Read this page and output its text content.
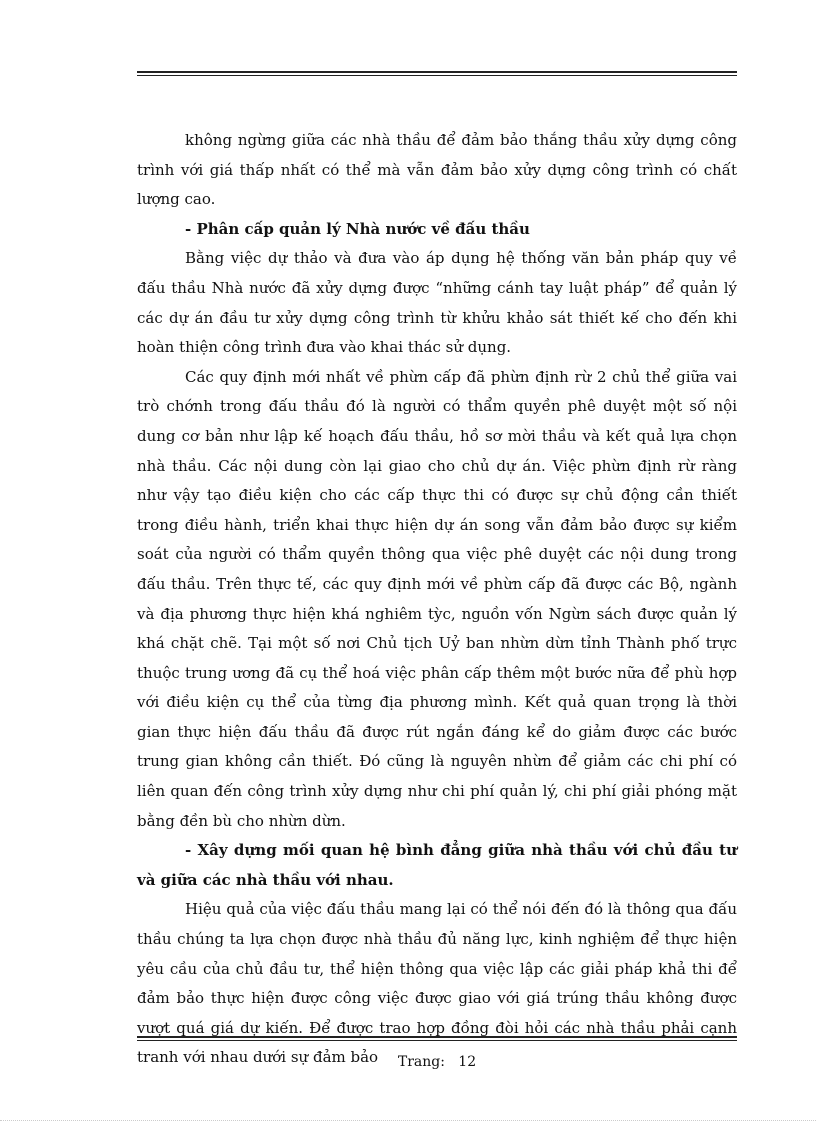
không ngừng giữa các nhà thầu để đảm bảo thắng thầu xửy dựng công trình với giá thấp nhất có thể mà vẫn đảm bảo xửy dựng công trình có chất lượng cao.

- Phân cấp quản lý Nhà nước về đấu thầu

Bằng việc dự thảo và đưa vào áp dụng hệ thống văn bản pháp quy về đấu thầu Nhà nước đã xửy dựng được “những cánh tay luật pháp” để quản lý các dự án đầu tư xửy dựng công trình từ khửu khảo sát thiết kế cho đến khi hoàn thiện công trình đưa vào khai thác sử dụng.

Các quy định mới nhất về phừn cấp đã phừn định rừ 2 chủ thể giữa vai trò chớnh trong đấu thầu đó là người có thẩm quyền phê duyệt một số nội dung cơ bản như lập kế hoạch đấu thầu, hồ sơ mời thầu và kết quả lựa chọn nhà thầu. Các nội dung còn lại giao cho chủ dự án. Việc phừn định rừ ràng như vậy tạo điều kiện cho các cấp thực thi có được sự chủ động cần thiết trong điều hành, triển khai thực hiện dự án song vẫn đảm bảo được sự kiểm soát của người có thẩm quyền thông qua việc phê duyệt các nội dung trong đấu thầu. Trên thực tế, các quy định mới về phừn cấp đã được các Bộ, ngành và địa phương thực hiện khá nghiêm tỳc, nguồn vốn Ngừn sách được quản lý khá chặt chẽ. Tại một số nơi Chủ tịch Uỷ ban nhừn dừn tỉnh Thành phố trực thuộc trung ương đã cụ thể hoá việc phân cấp thêm một bước nữa để phù hợp với điều kiện cụ thể của từng địa phương mình. Kết quả quan trọng là thời gian thực hiện đấu thầu đã được rút ngắn đáng kể do giảm được các bước trung gian không cần thiết. Đó cũng là nguyên nhừn để giảm các chi phí có liên quan đến công trình xửy dựng như chi phí quản lý, chi phí giải phóng mặt bằng đền bù cho nhừn dừn.

- Xây dựng mối quan hệ bình đẳng giữa nhà thầu với chủ đầu tư và giữa các nhà thầu với nhau.

Hiệu quả của việc đấu thầu mang lại có thể nói đến đó là thông qua đấu thầu chúng ta lựa chọn được nhà thầu đủ năng lực, kinh nghiệm để thực hiện yêu cầu của chủ đầu tư, thể hiện thông qua việc lập các giải pháp khả thi để đảm bảo thực hiện được công việc được giao với giá trúng thầu không được vượt quá giá dự kiến. Để được trao hợp đồng đòi hỏi các nhà thầu phải cạnh tranh với nhau dưới sự đảm bảo	Trang: 12
